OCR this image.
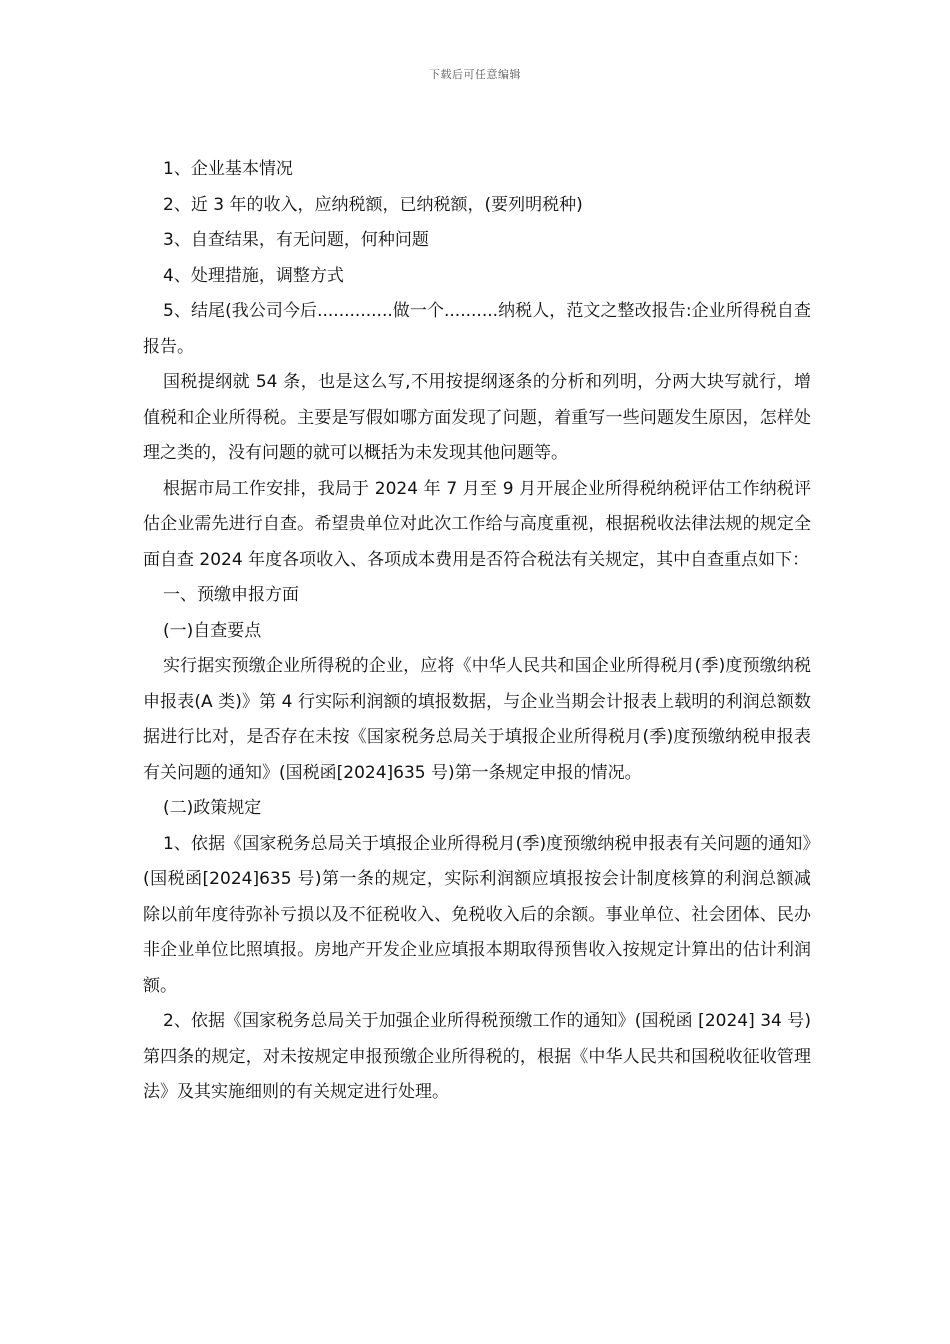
下载后可任意编辑

1、企业基本情况

2、近 3 年的收入，应纳税额，已纳税额，(要列明税种)

3、自查结果，有无问题，何种问题

4、处理措施，调整方式

5、结尾(我公司今后..............做一个..........纳税人，范文之整改报告:企业所得税自查报告。

国税提纲就 54 条，也是这么写,不用按提纲逐条的分析和列明，分两大块写就行，增值税和企业所得税。主要是写假如哪方面发现了问题，着重写一些问题发生原因，怎样处理之类的，没有问题的就可以概括为未发现其他问题等。

根据市局工作安排，我局于 2024 年 7 月至 9 月开展企业所得税纳税评估工作纳税评估企业需先进行自查。希望贵单位对此次工作给与高度重视，根据税收法律法规的规定全面自查 2024 年度各项收入、各项成本费用是否符合税法有关规定，其中自查重点如下：

一、预缴申报方面

(一)自查要点

实行据实预缴企业所得税的企业，应将《中华人民共和国企业所得税月(季)度预缴纳税申报表(A 类)》第 4 行实际利润额的填报数据，与企业当期会计报表上载明的利润总额数据进行比对，是否存在未按《国家税务总局关于填报企业所得税月(季)度预缴纳税申报表有关问题的通知》(国税函[2024]635 号)第一条规定申报的情况。

(二)政策规定

1、依据《国家税务总局关于填报企业所得税月(季)度预缴纳税申报表有关问题的通知》(国税函[2024]635 号)第一条的规定，实际利润额应填报按会计制度核算的利润总额减除以前年度待弥补亏损以及不征税收入、免税收入后的余额。事业单位、社会团体、民办非企业单位比照填报。房地产开发企业应填报本期取得预售收入按规定计算出的估计利润额。

2、依据《国家税务总局关于加强企业所得税预缴工作的通知》(国税函 [2024] 34 号)第四条的规定，对未按规定申报预缴企业所得税的，根据《中华人民共和国税收征收管理法》及其实施细则的有关规定进行处理。
